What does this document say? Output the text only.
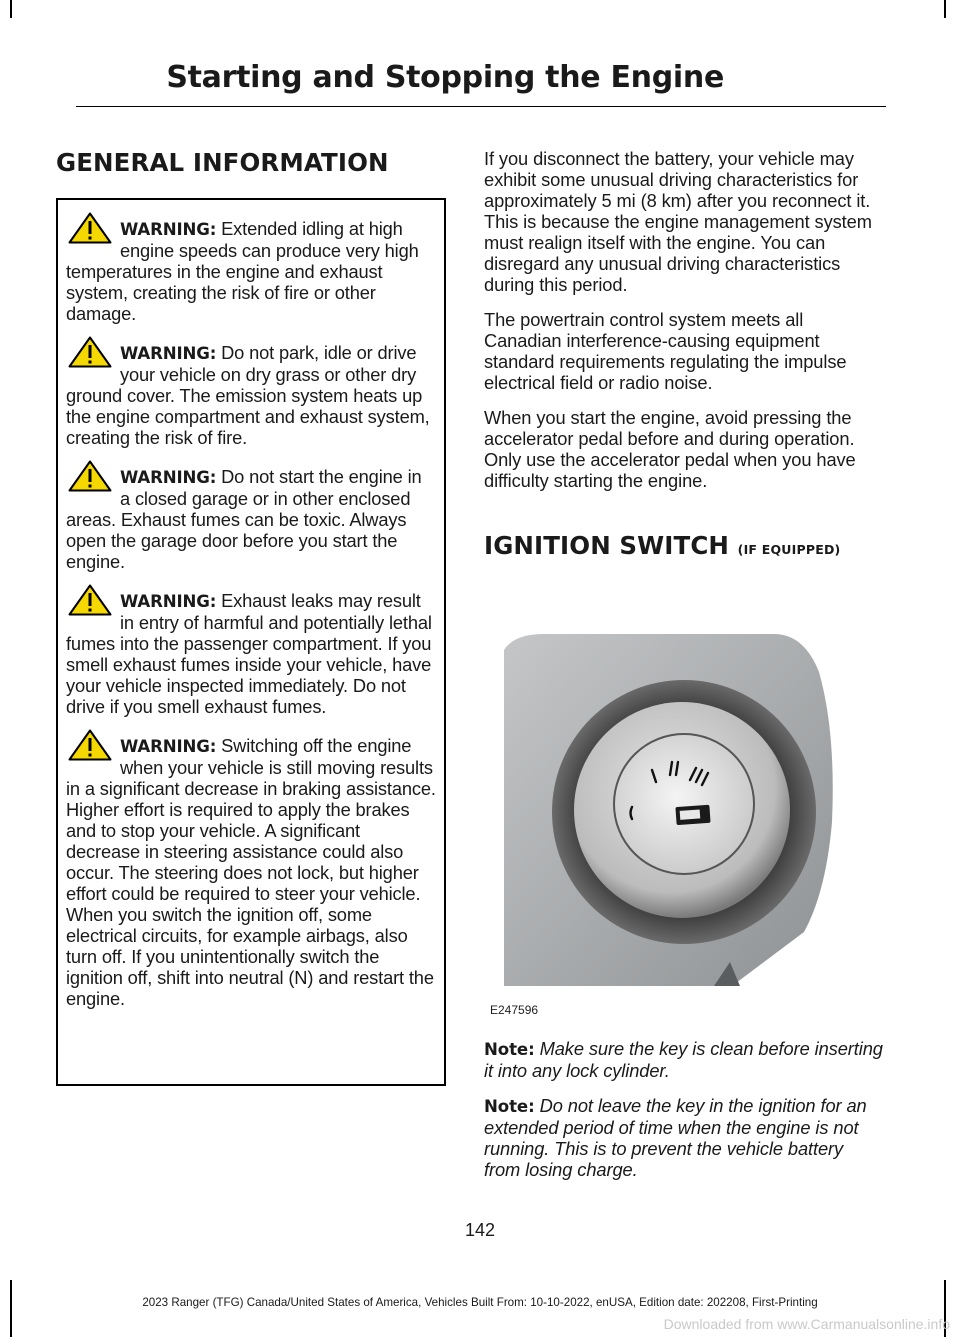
Starting and Stopping the Engine
GENERAL INFORMATION
WARNING: Extended idling at high engine speeds can produce very high temperatures in the engine and exhaust system, creating the risk of fire or other damage.
WARNING: Do not park, idle or drive your vehicle on dry grass or other dry ground cover. The emission system heats up the engine compartment and exhaust system, creating the risk of fire.
WARNING: Do not start the engine in a closed garage or in other enclosed areas. Exhaust fumes can be toxic. Always open the garage door before you start the engine.
WARNING: Exhaust leaks may result in entry of harmful and potentially lethal fumes into the passenger compartment. If you smell exhaust fumes inside your vehicle, have your vehicle inspected immediately. Do not drive if you smell exhaust fumes.
WARNING: Switching off the engine when your vehicle is still moving results in a significant decrease in braking assistance. Higher effort is required to apply the brakes and to stop your vehicle. A significant decrease in steering assistance could also occur. The steering does not lock, but higher effort could be required to steer your vehicle. When you switch the ignition off, some electrical circuits, for example airbags, also turn off. If you unintentionally switch the ignition off, shift into neutral (N) and restart the engine.

If you disconnect the battery, your vehicle may exhibit some unusual driving characteristics for approximately 5 mi (8 km) after you reconnect it. This is because the engine management system must realign itself with the engine. You can disregard any unusual driving characteristics during this period.

The powertrain control system meets all Canadian interference-causing equipment standard requirements regulating the impulse electrical field or radio noise.

When you start the engine, avoid pressing the accelerator pedal before and during operation. Only use the accelerator pedal when you have difficulty starting the engine.

IGNITION SWITCH (IF EQUIPPED)
E247596

Note: Make sure the key is clean before inserting it into any lock cylinder.

Note: Do not leave the key in the ignition for an extended period of time when the engine is not running. This is to prevent the vehicle battery from losing charge.

142
2023 Ranger (TFG) Canada/United States of America, Vehicles Built From: 10-10-2022, enUSA, Edition date: 202208, First-Printing
Downloaded from www.Carmanualsonline.info
